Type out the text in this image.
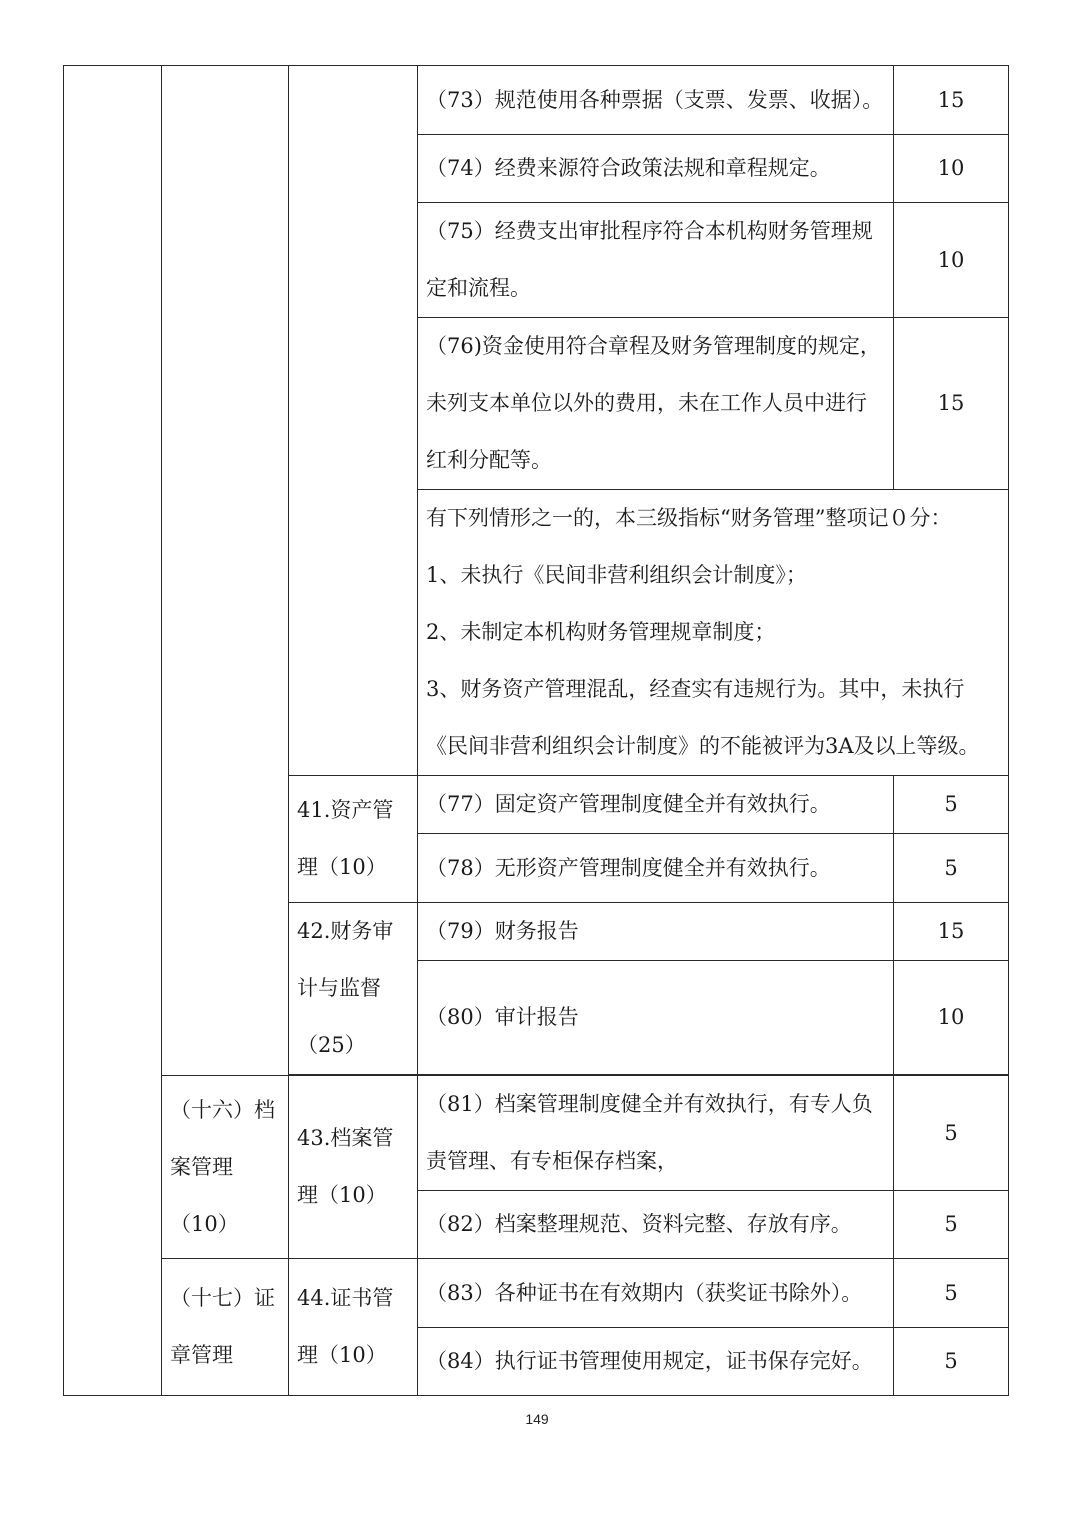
			（73）规范使用各种票据（支票、发票、收据）。	15
			（74）经费来源符合政策法规和章程规定。	10
			（75）经费支出审批程序符合本机构财务管理规定和流程。	10
			（76)资金使用符合章程及财务管理制度的规定，未列支本单位以外的费用，未在工作人员中进行红利分配等。	15

			有下列情形之一的，本三级指标“财务管理”整项记０分：
1、未执行《民间非营利组织会计制度》；
2、未制定本机构财务管理规章制度；
3、财务资产管理混乱，经查实有违规行为。其中，未执行《民间非营利组织会计制度》的不能被评为3A及以上等级。	

		41.资产管理（10）	（77）固定资产管理制度健全并有效执行。	5
			（78）无形资产管理制度健全并有效执行。	5
		42.财务审计与监督（25）	（79）财务报告	15
			（80）审计报告	10

	（十六）档案管理（10）	43.档案管理（10）	（81）档案管理制度健全并有效执行，有专人负责管理、有专柜保存档案，	5
			（82）档案整理规范、资料完整、存放有序。	5
	（十七）证章管理	44.证书管理（10）	（83）各种证书在有效期内（获奖证书除外）。	5
			（84）执行证书管理使用规定，证书保存完好。	5
149
